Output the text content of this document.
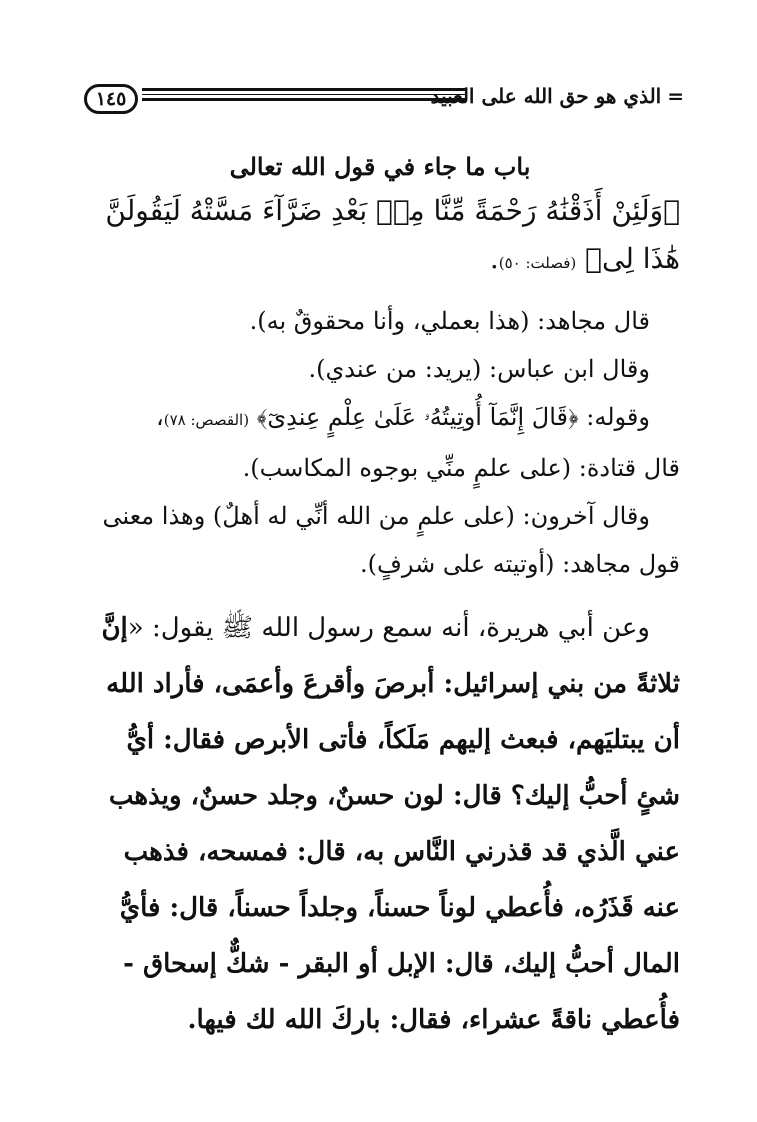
١٤٥	=الذي هو حق الله على العبيد
باب ما جاء في قول الله تعالى

﴿وَلَئِنْ أَذَقْنَٰهُ رَحْمَةً مِّنَّا مِنۢ بَعْدِ ضَرَّآءَ مَسَّتْهُ لَيَقُولَنَّ هَٰذَا لِى﴾ (فصلت: ٥٠).

قال مجاهد: (هذا بعملي، وأنا محقوقٌ به).

وقال ابن عباس: (يريد: من عندي).

وقوله: ﴿قَالَ إِنَّمَآ أُوتِيتُهُۥ عَلَىٰ عِلْمٍ عِندِىٓ﴾ (القصص: ٧٨)،

قال قتادة: (على علمٍ منِّي بوجوه المكاسب).

وقال آخرون: (على علمٍ من الله أنِّي له أهلٌ) وهذا معنى قول مجاهد: (أوتيته على شرفٍ).

وعن أبي هريرة، أنه سمع رسول الله ﷺ يقول: «إنَّ ثلاثةً من بني إسرائيل: أبرصَ وأقرعَ وأعمَى، فأراد الله أن يبتليَهم، فبعث إليهم مَلَكاً، فأتى الأبرص فقال: أيُّ شئٍ أحبُّ إليك؟ قال: لون حسنٌ، وجلد حسنٌ، ويذهب عني الَّذي قد قذرني النَّاس به، قال: فمسحه، فذهب عنه قَذَرُه، فأُعطي لوناً حسناً، وجلداً حسناً، قال: فأيُّ المال أحبُّ إليك، قال: الإبل أو البقر - شكٌّ إسحاق - فأُعطي ناقةً عشراء، فقال: باركَ الله لك فيها.
